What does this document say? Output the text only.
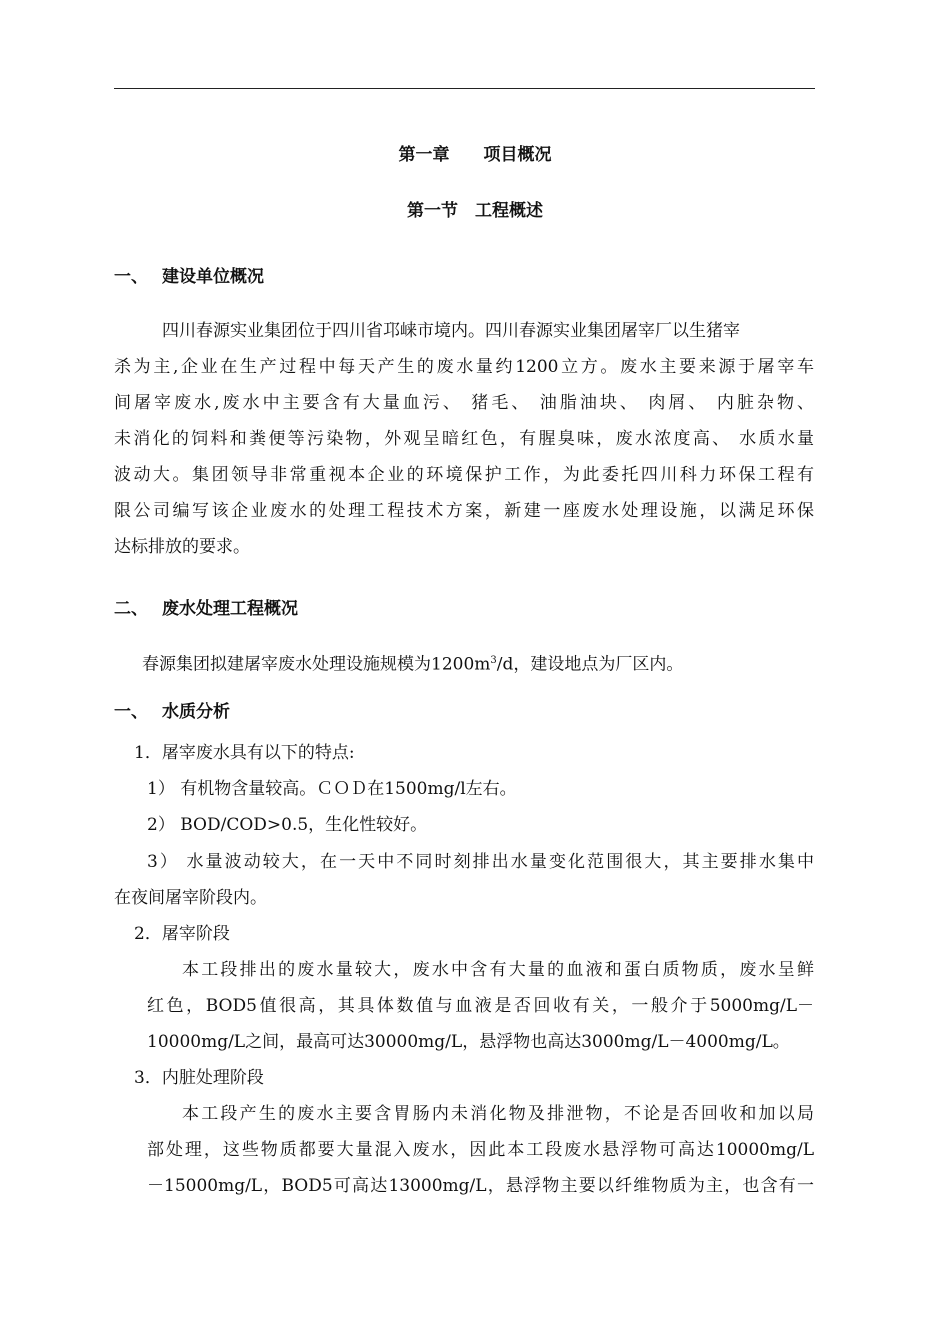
第一章　　项目概况
第一节　工程概述
一、 建设单位概况
四川春源实业集团位于四川省邛崃市境内。四川春源实业集团屠宰厂以生猪宰
杀为主,企业在生产过程中每天产生的废水量约1200立方。废水主要来源于屠宰车
间屠宰废水,废水中主要含有大量血污、 猪毛、 油脂油块、 肉屑、 内脏杂物、
未消化的饲料和粪便等污染物，外观呈暗红色，有腥臭味，废水浓度高、 水质水量
波动大。集团领导非常重视本企业的环境保护工作，为此委托四川科力环保工程有
限公司编写该企业废水的处理工程技术方案，新建一座废水处理设施，以满足环保
达标排放的要求。
二、 废水处理工程概况
春源集团拟建屠宰废水处理设施规模为$1200m^3/d$，建设地点为厂区内。
一、 水质分析
1．屠宰废水具有以下的特点:
1） 有机物含量较高。ＣＯＤ在1500mg/l左右。
2） BOD/COD>0.5，生化性较好。
3） 水量波动较大，在一天中不同时刻排出水量变化范围很大，其主要排水集中
在夜间屠宰阶段内。
2．屠宰阶段
本工段排出的废水量较大，废水中含有大量的血液和蛋白质物质，废水呈鲜
红色，BOD5值很高，其具体数值与血液是否回收有关，一般介于5000mg/L－
10000mg/L之间，最高可达30000mg/L，悬浮物也高达3000mg/L－4000mg/L。
3．内脏处理阶段
本工段产生的废水主要含胃肠内未消化物及排泄物，不论是否回收和加以局
部处理，这些物质都要大量混入废水，因此本工段废水悬浮物可高达10000mg/L
－15000mg/L，BOD5可高达13000mg/L，悬浮物主要以纤维物质为主，也含有一
